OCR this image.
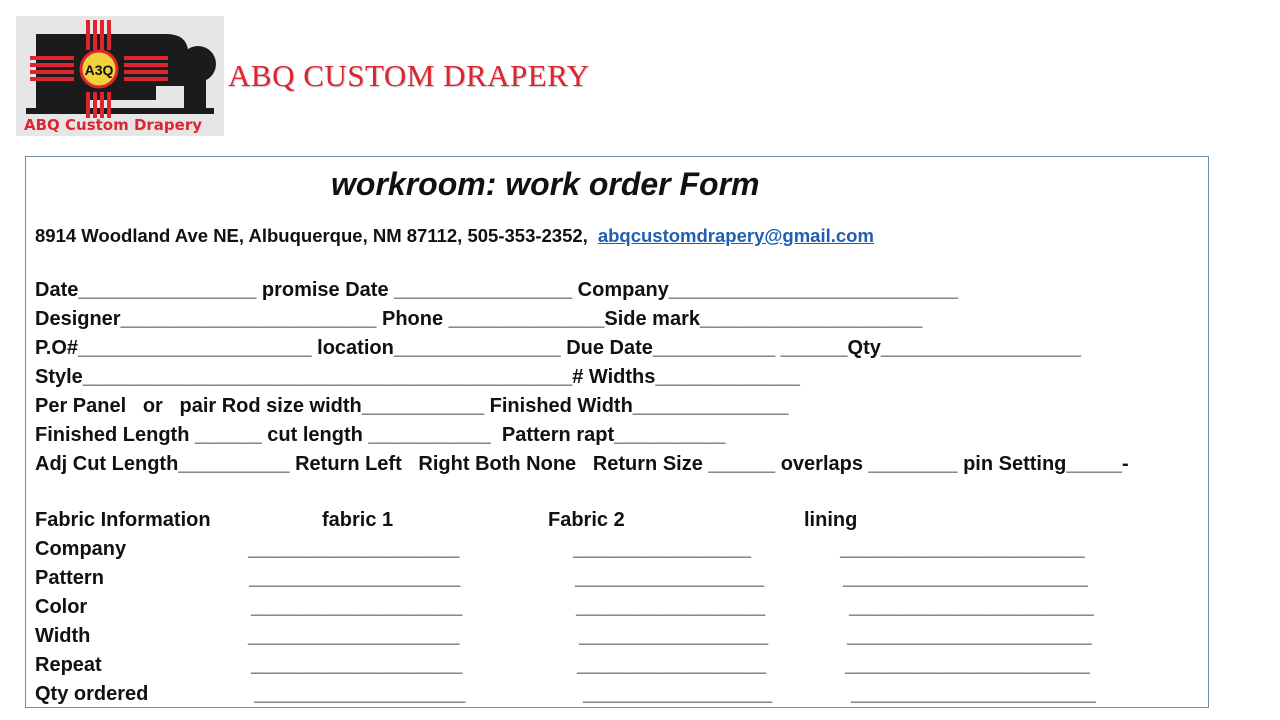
A3Q
ABQ Custom Drapery
ABQ CUSTOM DRAPERY
workroom: work order Form
8914 Woodland Ave NE, Albuquerque, NM 87112, 505-353-2352, abqcustomdrapery@gmail.com
Date________________ promise Date ________________ Company__________________________
Designer_______________________ Phone ______________Side mark____________________
P.O#_____________________ location_______________ Due Date___________ ______Qty__________________
Style____________________________________________# Widths_____________
Per Panel   or   pair Rod size width___________ Finished Width______________
Finished Length ______ cut length ___________  Pattern rapt__________
Adj Cut Length__________ Return Left   Right Both None   Return Size ______ overlaps ________ pin Setting_____-
Fabric Information	fabric 1	Fabric 2	lining
Company	___________________	________________	______________________
Pattern	___________________	_________________	______________________
Color	___________________	_________________	______________________
Width	___________________	_________________	______________________
Repeat	___________________	_________________	______________________
Qty ordered	___________________	_________________	______________________
